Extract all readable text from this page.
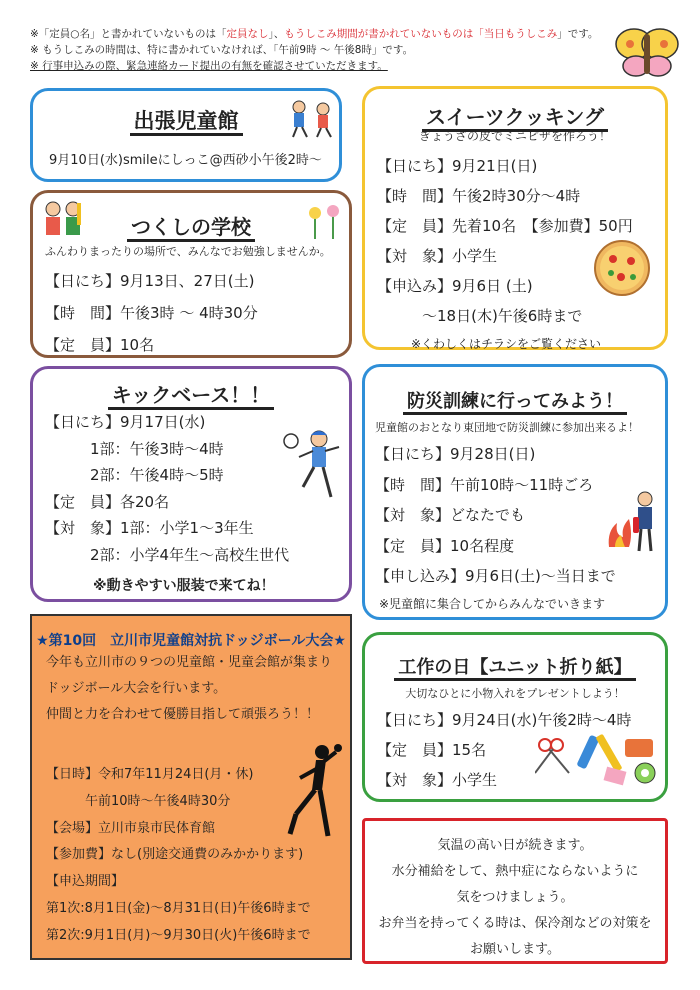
※「定員○名」と書かれていないものは「定員なし」、もうしこみ期間が書かれていないものは「当日もうしこみ」です。
※ もうしこみの時間は、特に書かれていなければ、「午前9時 ～ 午後8時」です。
※ 行事申込みの際、緊急連絡カード提出の有無を確認させていただきます。
出張児童館
9月10日(水)smileにしっこ@西砂小午後2時～
つくしの学校
ふんわりまったりの場所で、みんなでお勉強しませんか。
【日にち】9月13日、27日(土)
【時　間】午後3時 ～ 4時30分
【定　員】10名
スイーツクッキング
ぎょうざの皮でミニピザを作ろう！
【日にち】9月21日(日)
【時　間】午後2時30分～4時
【定　員】先着10名　【参加費】50円
【対　象】小学生
【申込み】9月6日 (土)
　　　～18日(木)午後6時まで
※くわしくはチラシをご覧ください
キックベース！！
【日にち】9月17日(水)
　　　1部：午後3時～4時
　　　2部：午後4時～5時
【定　員】各20名
【対　象】1部：小学1～3年生
　　　2部：小学4年生～高校生世代
※動きやすい服装で来てね！
防災訓練に行ってみよう！
児童館のおとなり東団地で防災訓練に参加出来るよ！
【日にち】9月28日(日)
【時　間】午前10時～11時ごろ
【対　象】どなたでも
【定　員】10名程度
【申し込み】9月6日(土)～当日まで
※児童館に集合してからみんなでいきます
★第10回　立川市児童館対抗ドッジボール大会★
今年も立川市の９つの児童館・児童会館が集まり
ドッジボール大会を行います。
仲間と力を合わせて優勝目指して頑張ろう！！
【日時】令和7年11月24日(月・休)
　　　午前10時～午後4時30分
【会場】立川市泉市民体育館
【参加費】なし(別途交通費のみかかります)
【申込期間】
第1次:8月1日(金)～8月31日(日)午後6時まで
第2次:9月1日(月)～9月30日(火)午後6時まで
工作の日【ユニット折り紙】
大切なひとに小物入れをプレゼントしよう！
【日にち】9月24日(水)午後2時～4時
【定　員】15名
【対　象】小学生
気温の高い日が続きます。
水分補給をして、熱中症にならないように
気をつけましょう。
お弁当を持ってくる時は、保冷剤などの対策を
お願いします。
